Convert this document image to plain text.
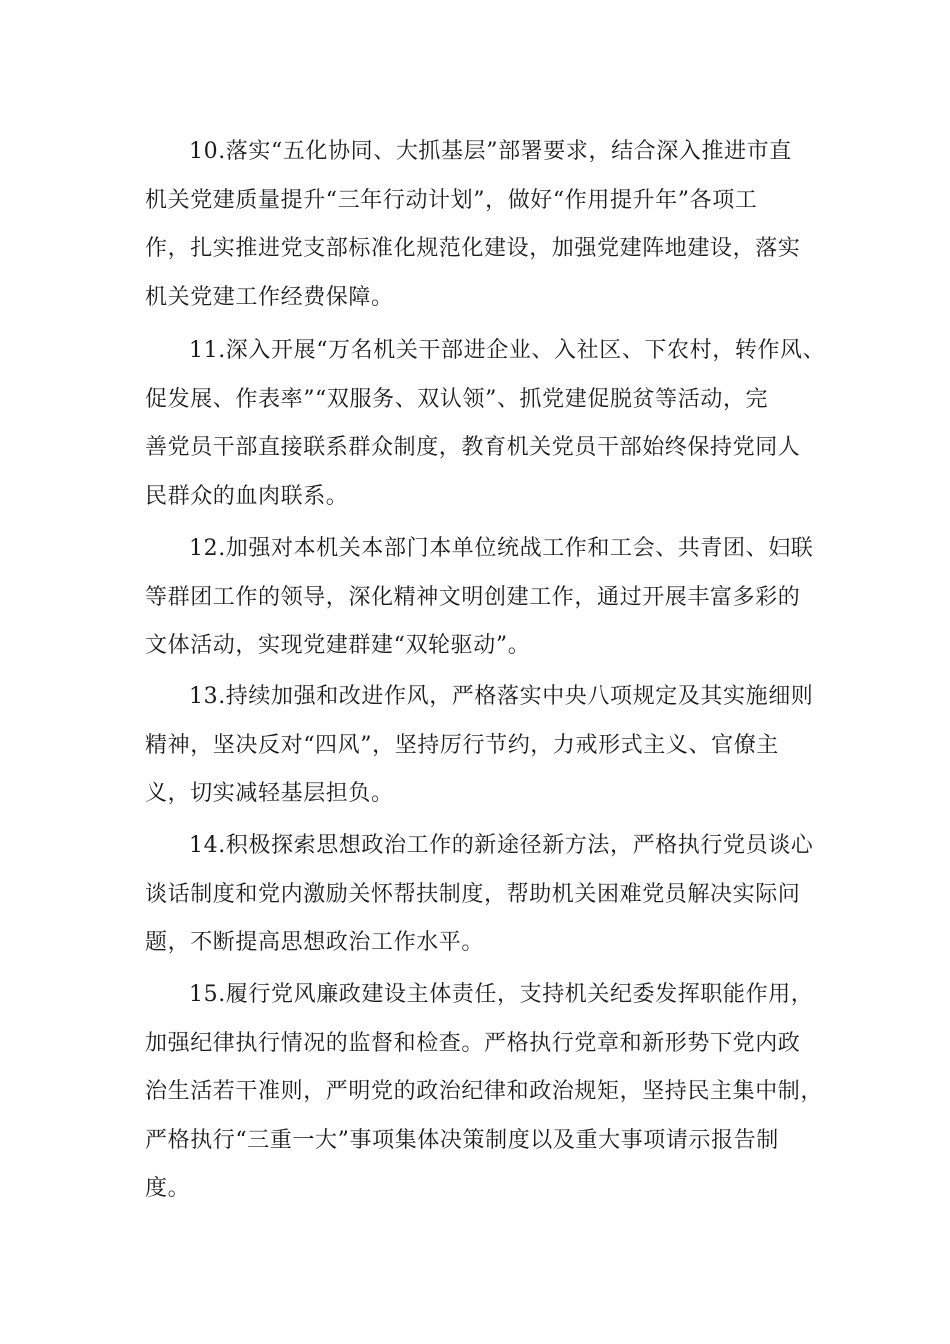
10.落实“五化协同、大抓基层”部署要求，结合深入推进市直
机关党建质量提升“三年行动计划”，做好“作用提升年”各项工
作，扎实推进党支部标准化规范化建设，加强党建阵地建设，落实
机关党建工作经费保障。
11.深入开展“万名机关干部进企业、入社区、下农村，转作风、
促发展、作表率”“双服务、双认领”、抓党建促脱贫等活动，完
善党员干部直接联系群众制度，教育机关党员干部始终保持党同人
民群众的血肉联系。
12.加强对本机关本部门本单位统战工作和工会、共青团、妇联
等群团工作的领导，深化精神文明创建工作，通过开展丰富多彩的
文体活动，实现党建群建“双轮驱动”。
13.持续加强和改进作风，严格落实中央八项规定及其实施细则
精神，坚决反对“四风”，坚持厉行节约，力戒形式主义、官僚主
义，切实减轻基层担负。
14.积极探索思想政治工作的新途径新方法，严格执行党员谈心
谈话制度和党内激励关怀帮扶制度，帮助机关困难党员解决实际问
题，不断提高思想政治工作水平。
15.履行党风廉政建设主体责任，支持机关纪委发挥职能作用，
加强纪律执行情况的监督和检查。严格执行党章和新形势下党内政
治生活若干准则，严明党的政治纪律和政治规矩，坚持民主集中制，
严格执行“三重一大”事项集体决策制度以及重大事项请示报告制
度。
